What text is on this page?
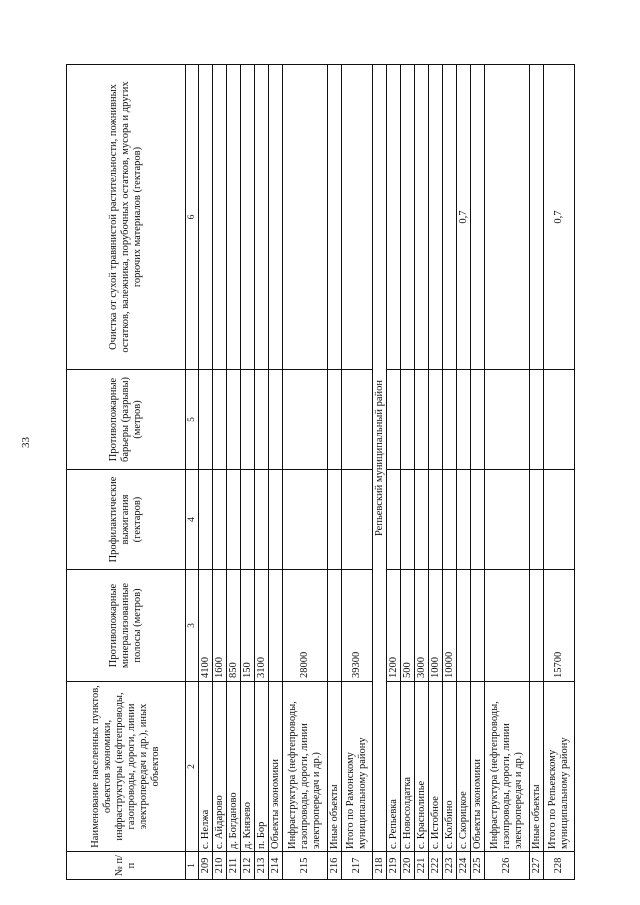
33
№ п/п	Наименование населенных пунктов, объектов экономики, инфраструктуры (нефтепроводы, газопроводы, дороги, линии электропередач и др.), иных объектов	Противопожарные минерализованные полосы (метров)	Профилактические выжигания (гектаров)	Противопожарные барьеры (разрывы) (метров)	Очистка от сухой травянистой растительности, пожнивных остатков, валежника, порубочных остатков, мусора и других горючих материалов (гектаров)
1	2	3	4	5	6
209	с. Нелжа	4100			
210	с. Айдарово	1600			
211	д. Богданово	850			
212	д. Князево	150			
213	п. Бор	3100			
214	Объекты экономики				
215	Инфраструктура (нефтепроводы, газопроводы, дороги, линии электропередач и др.)	28000			
216	Иные объекты				
217	Итого по Рамонскому муниципальному району	39300			
218	Репьевский муниципальный район				
219	с. Репьевка	1200			
220	с. Новосолдатка	500			
221	с. Краснолипье	3000			
222	с. Истобное	1000			
223	с. Колбино	10000			
224	с. Скорицкое				0,7
225	Объекты экономики				
226	Инфраструктура (нефтепроводы, газопроводы, дороги, линии электропередач и др.)				
227	Иные объекты				
228	Итого по Репьевскому муниципальному району	15700			0,7
